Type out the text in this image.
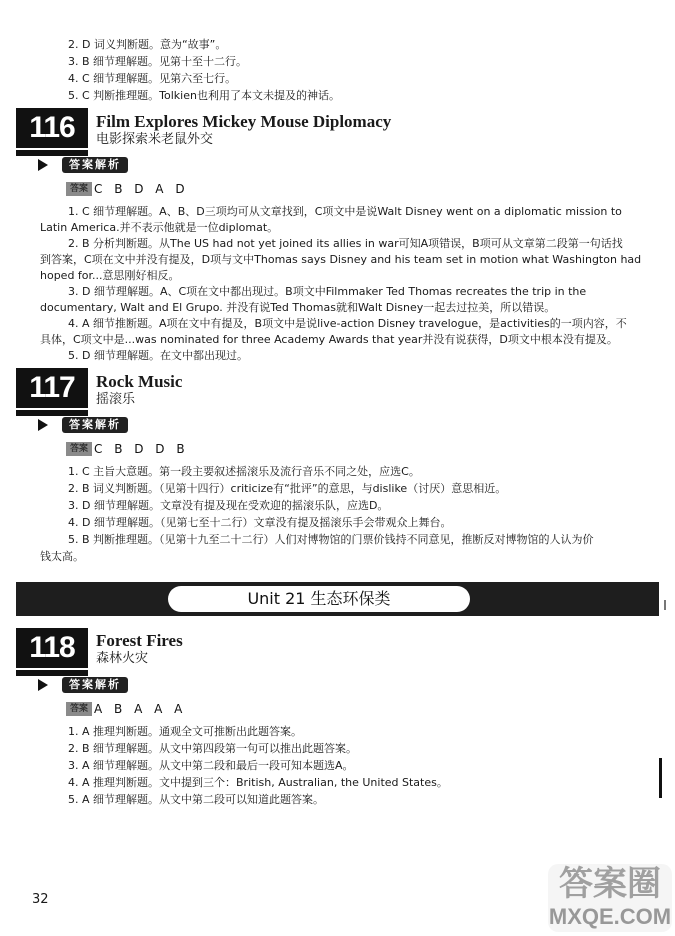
2. D 词义判断题。意为“故事”。
3. B 细节理解题。见第十至十二行。
4. C 细节理解题。见第六至七行。
5. C 判断推理题。Tolkien也利用了本文未提及的神话。
116	Film Explores Mickey Mouse Diplomacy
电影探索米老鼠外交
答案解析
答案 C B D A D
1. C 细节理解题。A、B、D三项均可从文章找到，C项文中是说Walt Disney went on a diplomatic mission to
Latin America.并不表示他就是一位diplomat。
2. B 分析判断题。从The US had not yet joined its allies in war可知A项错误，B项可从文章第二段第一句话找
到答案，C项在文中并没有提及，D项与文中Thomas says Disney and his team set in motion what Washington had
hoped for...意思刚好相反。
3. D 细节理解题。A、C项在文中都出现过。B项文中Filmmaker Ted Thomas recreates the trip in the
documentary, Walt and El Grupo. 并没有说Ted Thomas就和Walt Disney一起去过拉美，所以错误。
4. A 细节推断题。A项在文中有提及，B项文中是说live-action Disney travelogue，是activities的一项内容，不
具体，C项文中是...was nominated for three Academy Awards that year并没有说获得，D项文中根本没有提及。
5. D 细节理解题。在文中都出现过。
117	Rock Music
摇滚乐
答案解析
答案 C B D D B
1. C 主旨大意题。第一段主要叙述摇滚乐及流行音乐不同之处，应选C。
2. B 词义判断题。（见第十四行）criticize有“批评”的意思，与dislike（讨厌）意思相近。
3. D 细节理解题。文章没有提及现在受欢迎的摇滚乐队，应选D。
4. D 细节理解题。（见第七至十二行）文章没有提及摇滚乐手会带观众上舞台。
5. B 判断推理题。（见第十九至二十二行）人们对博物馆的门票价钱持不同意见，推断反对博物馆的人认为价
钱太高。
Unit 21 生态环保类
118	Forest Fires
森林火灾
答案解析
答案 A B A A A
1. A 推理判断题。通观全文可推断出此题答案。
2. B 细节理解题。从文中第四段第一句可以推出此题答案。
3. A 细节理解题。从文中第二段和最后一段可知本题选A。
4. A 推理判断题。文中提到三个：British, Australian, the United States。
5. A 细节理解题。从文中第二段可以知道此题答案。
32	答案圈
MXQE.COM
